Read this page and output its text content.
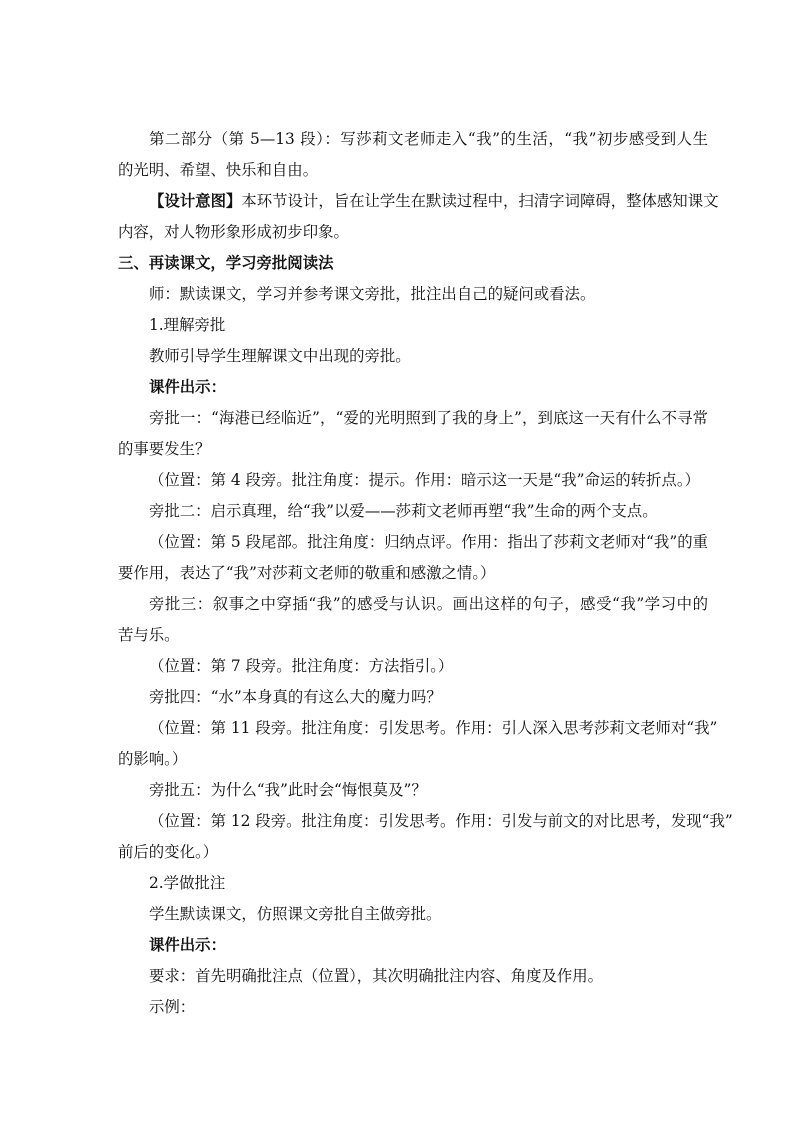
第二部分（第 5—13 段）：写莎莉文老师走入“我”的生活，“我”初步感受到人生
的光明、希望、快乐和自由。
【设计意图】本环节设计，旨在让学生在默读过程中，扫清字词障碍，整体感知课文
内容，对人物形象形成初步印象。
三、再读课文，学习旁批阅读法
师：默读课文，学习并参考课文旁批，批注出自己的疑问或看法。
1.理解旁批
教师引导学生理解课文中出现的旁批。
课件出示：
旁批一：“海港已经临近”，“爱的光明照到了我的身上”，到底这一天有什么不寻常
的事要发生？
（位置：第 4 段旁。批注角度：提示。作用：暗示这一天是“我”命运的转折点。）
旁批二：启示真理，给“我”以爱——莎莉文老师再塑“我”生命的两个支点。
（位置：第 5 段尾部。批注角度：归纳点评。作用：指出了莎莉文老师对“我”的重
要作用，表达了“我”对莎莉文老师的敬重和感激之情。）
旁批三：叙事之中穿插“我”的感受与认识。画出这样的句子，感受“我”学习中的
苦与乐。
（位置：第 7 段旁。批注角度：方法指引。）
旁批四：“水”本身真的有这么大的魔力吗？
（位置：第 11 段旁。批注角度：引发思考。作用：引人深入思考莎莉文老师对“我”
的影响。）
旁批五：为什么“我”此时会“悔恨莫及”？
（位置：第 12 段旁。批注角度：引发思考。作用：引发与前文的对比思考，发现“我”
前后的变化。）
2.学做批注
学生默读课文，仿照课文旁批自主做旁批。
课件出示：
要求：首先明确批注点（位置），其次明确批注内容、角度及作用。
示例：
